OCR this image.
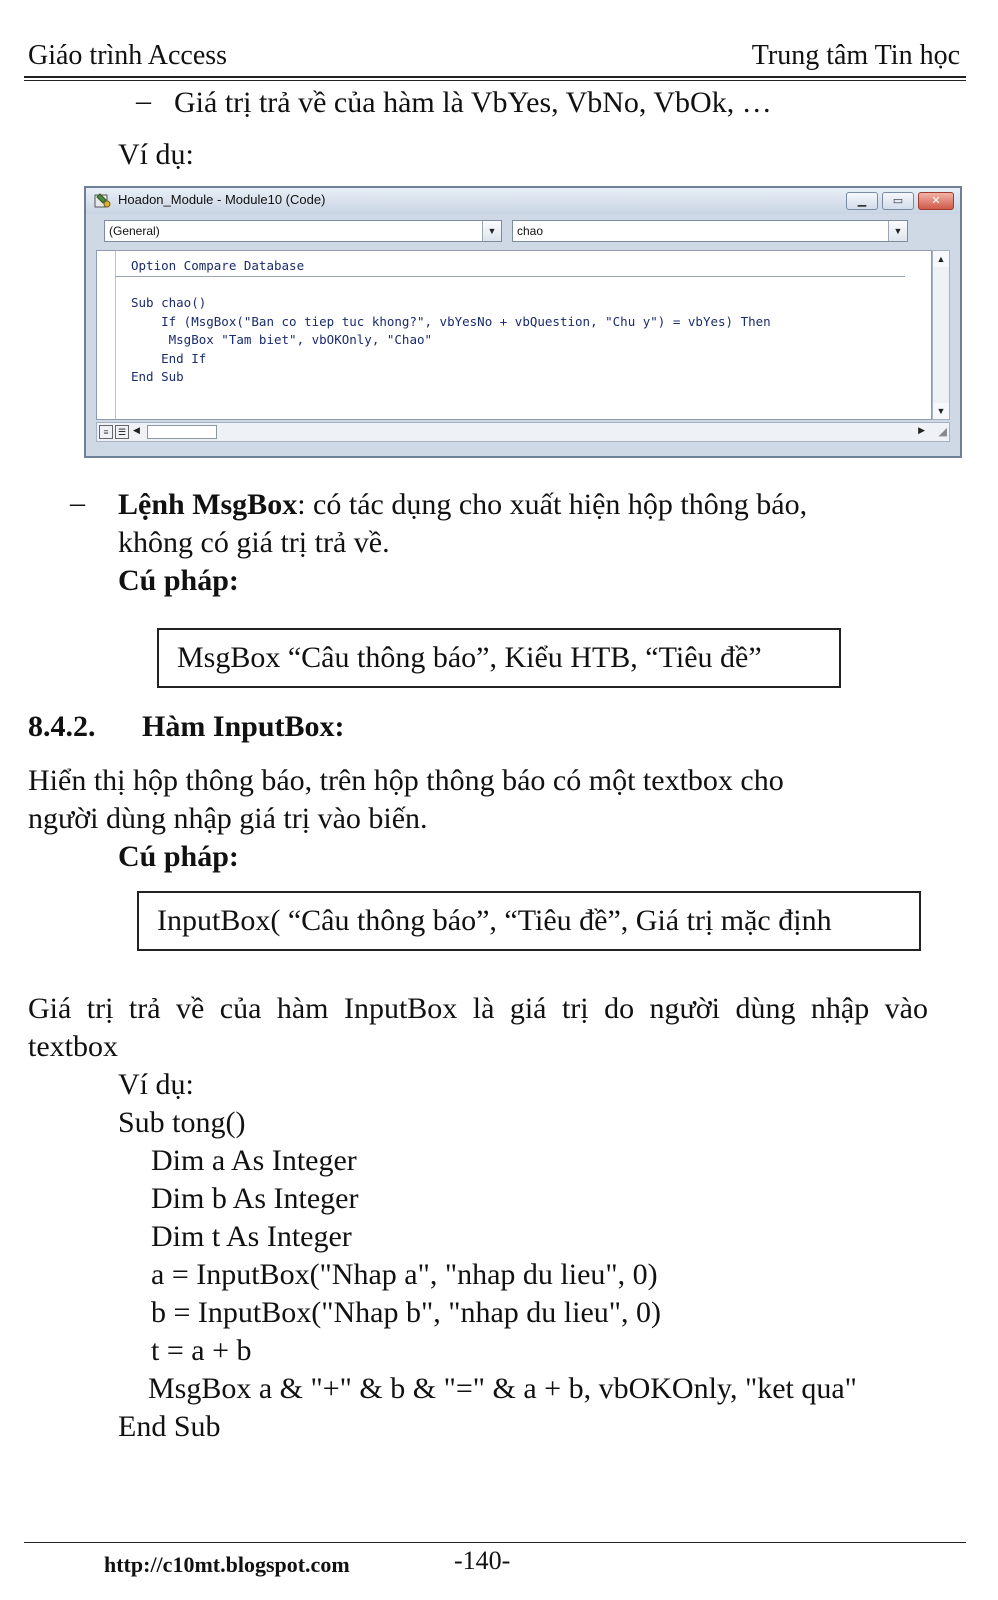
Giáo trình Access	Trung tâm Tin học
– Giá trị trả về của hàm là VbYes, VbNo, VbOk, …
Ví dụ:
Hoadon_Module - Module10 (Code)	▁	▭	✕
(General)	▼	chao	▼
Option Compare Database

Sub chao()
If (MsgBox("Ban co tiep tuc khong?", vbYesNo + vbQuestion, "Chu y") = vbYes) Then
MsgBox "Tam biet", vbOKOnly, "Chao"
End If
End Sub
▲
▼
≡	☰ ◀	▶ ◢
– Lệnh MsgBox: có tác dụng cho xuất hiện hộp thông báo,
không có giá trị trả về.
Cú pháp:
MsgBox “Câu thông báo”, Kiểu HTB, “Tiêu đề”
8.4.2. Hàm InputBox:
Hiển thị hộp thông báo, trên hộp thông báo có một textbox cho
người dùng nhập giá trị vào biến.
Cú pháp:
InputBox( “Câu thông báo”, “Tiêu đề”, Giá trị mặc định
Giá trị trả về của hàm InputBox là giá trị do người dùng nhập vào
textbox
Ví dụ:
Sub tong()
Dim a As Integer
Dim b As Integer
Dim t As Integer
a = InputBox("Nhap a", "nhap du lieu", 0)
b = InputBox("Nhap b", "nhap du lieu", 0)
t = a + b
MsgBox a & "+" & b & "=" & a + b, vbOKOnly, "ket qua"
End Sub
http://c10mt.blogspot.com	-140-
